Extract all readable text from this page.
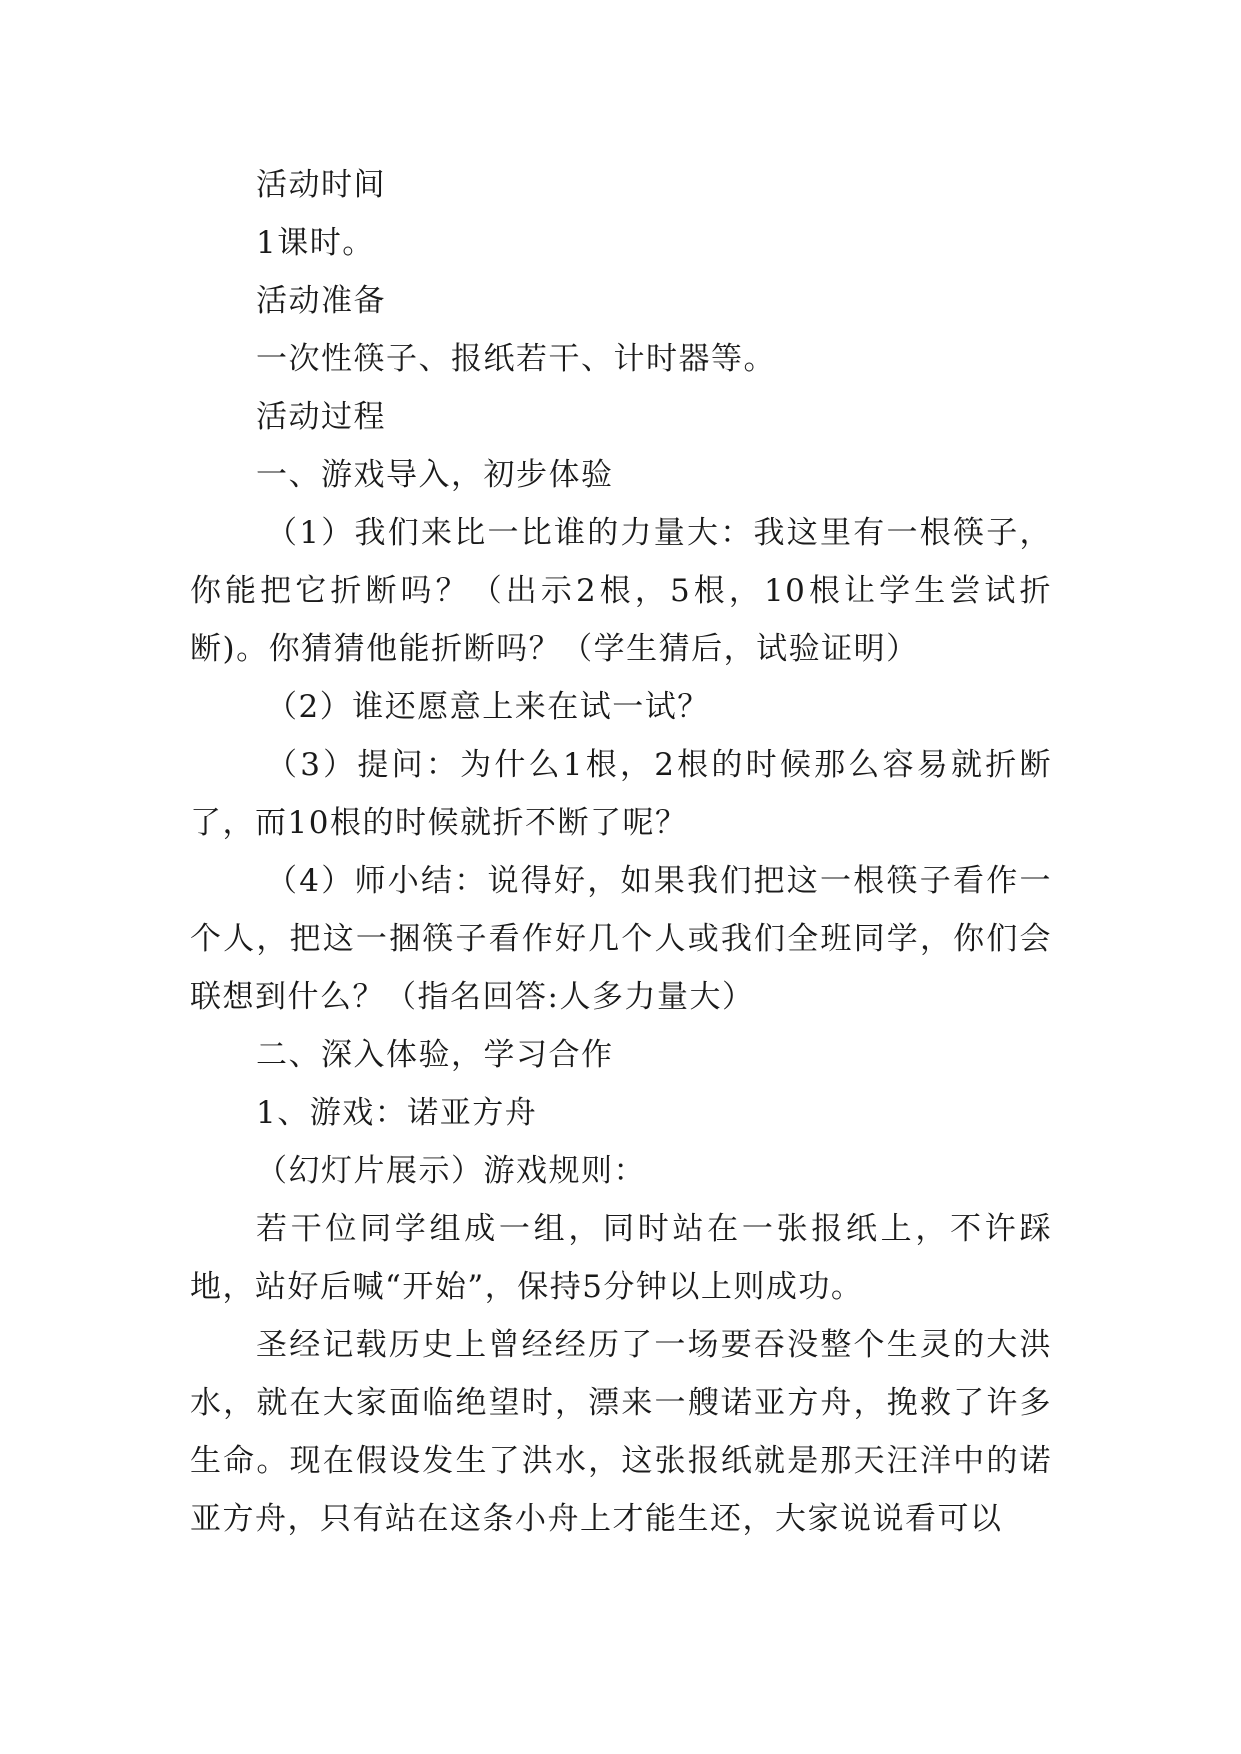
活动时间

1课时。

活动准备

一次性筷子、报纸若干、计时器等。

活动过程

一、游戏导入，初步体验

（1）我们来比一比谁的力量大：我这里有一根筷子，你能把它折断吗？（出示2根，5根，10根让学生尝试折断)。你猜猜他能折断吗？（学生猜后，试验证明）

（2）谁还愿意上来在试一试？

（3）提问：为什么1根，2根的时候那么容易就折断了，而10根的时候就折不断了呢？

（4）师小结：说得好，如果我们把这一根筷子看作一个人，把这一捆筷子看作好几个人或我们全班同学，你们会联想到什么？（指名回答:人多力量大）

二、深入体验，学习合作

1、游戏：诺亚方舟

（幻灯片展示）游戏规则：

若干位同学组成一组，同时站在一张报纸上，不许踩地，站好后喊“开始”，保持5分钟以上则成功。

圣经记载历史上曾经经历了一场要吞没整个生灵的大洪水，就在大家面临绝望时，漂来一艘诺亚方舟，挽救了许多生命。现在假设发生了洪水，这张报纸就是那天汪洋中的诺亚方舟，只有站在这条小舟上才能生还，大家说说看可以
